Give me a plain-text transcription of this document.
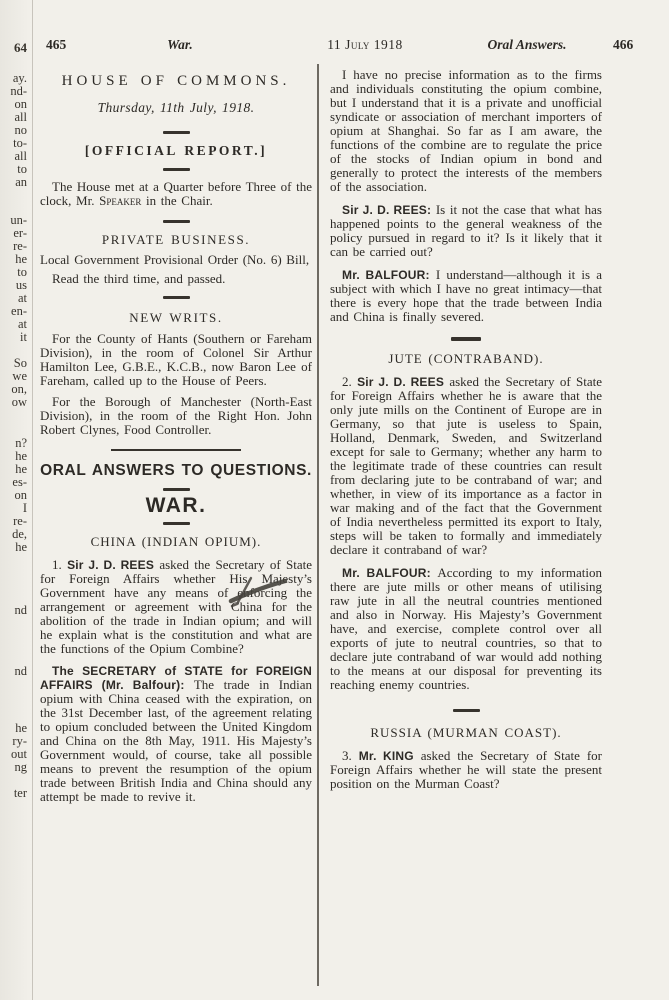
64
ay.
nd-
on
all
no
to-
all
to
an
un-
er-
re-
he
to
us
at
en-
at
it
So
we
on,
ow
n?
he
he
es-
on
I
re-
de,
he
nd
nd
he
ry-
out
ng
ter
465	War.	11 July 1918	Oral Answers.	466
HOUSE OF COMMONS.
Thursday, 11th July, 1918.
[OFFICIAL REPORT.]

The House met at a Quarter before Three of the clock, Mr. Speaker in the Chair.

PRIVATE BUSINESS.

Local Government Provisional Order (No. 6) Bill,

Read the third time, and passed.

NEW WRITS.

For the County of Hants (Southern or Fareham Division), in the room of Colonel Sir Arthur Hamilton Lee, G.B.E., K.C.B., now Baron Lee of Fareham, called up to the House of Peers.

For the Borough of Manchester (North-East Division), in the room of the Right Hon. John Robert Clynes, Food Controller.

ORAL ANSWERS TO QUESTIONS.
WAR.
CHINA (INDIAN OPIUM).

1. Sir J. D. REES asked the Secretary of State for Foreign Affairs whether His Majesty’s Government have any means of enforcing the arrangement or agreement with China for the abolition of the trade in Indian opium; and will he explain what is the constitution and what are the functions of the Opium Combine?

The SECRETARY of STATE for FOREIGN AFFAIRS (Mr. Balfour): The trade in Indian opium with China ceased with the expiration, on the 31st December last, of the agreement relating to opium concluded between the United Kingdom and China on the 8th May, 1911. His Majesty’s Government would, of course, take all possible means to prevent the resumption of the opium trade between British India and China should any attempt be made to revive it.

I have no precise information as to the firms and individuals constituting the opium combine, but I understand that it is a private and unofficial syndicate or association of merchant importers of opium at Shanghai. So far as I am aware, the functions of the combine are to regulate the price of the stocks of Indian opium in bond and generally to protect the interests of the members of the association.

Sir J. D. REES: Is it not the case that what has happened points to the general weakness of the policy pursued in regard to it? Is it likely that it can be carried out?

Mr. BALFOUR: I understand—although it is a subject with which I have no great intimacy—that there is every hope that the trade between India and China is finally severed.

JUTE (CONTRABAND).

2. Sir J. D. REES asked the Secretary of State for Foreign Affairs whether he is aware that the only jute mills on the Continent of Europe are in Germany, so that jute is useless to Spain, Holland, Denmark, Sweden, and Switzerland except for sale to Germany; whether any harm to the legitimate trade of these countries can result from declaring jute to be contraband of war; and whether, in view of its importance as a factor in war making and of the fact that the Government of India nevertheless permitted its export to Italy, steps will be taken to formally and immediately declare it contraband of war?

Mr. BALFOUR: According to my information there are jute mills or other means of utilising raw jute in all the neutral countries mentioned and also in Norway. His Majesty’s Government have, and exercise, complete control over all exports of jute to neutral countries, so that to declare jute contraband of war would add nothing to the means at our disposal for preventing its reaching enemy countries.

RUSSIA (MURMAN COAST).

3. Mr. KING asked the Secretary of State for Foreign Affairs whether he will state the present position on the Murman Coast?
